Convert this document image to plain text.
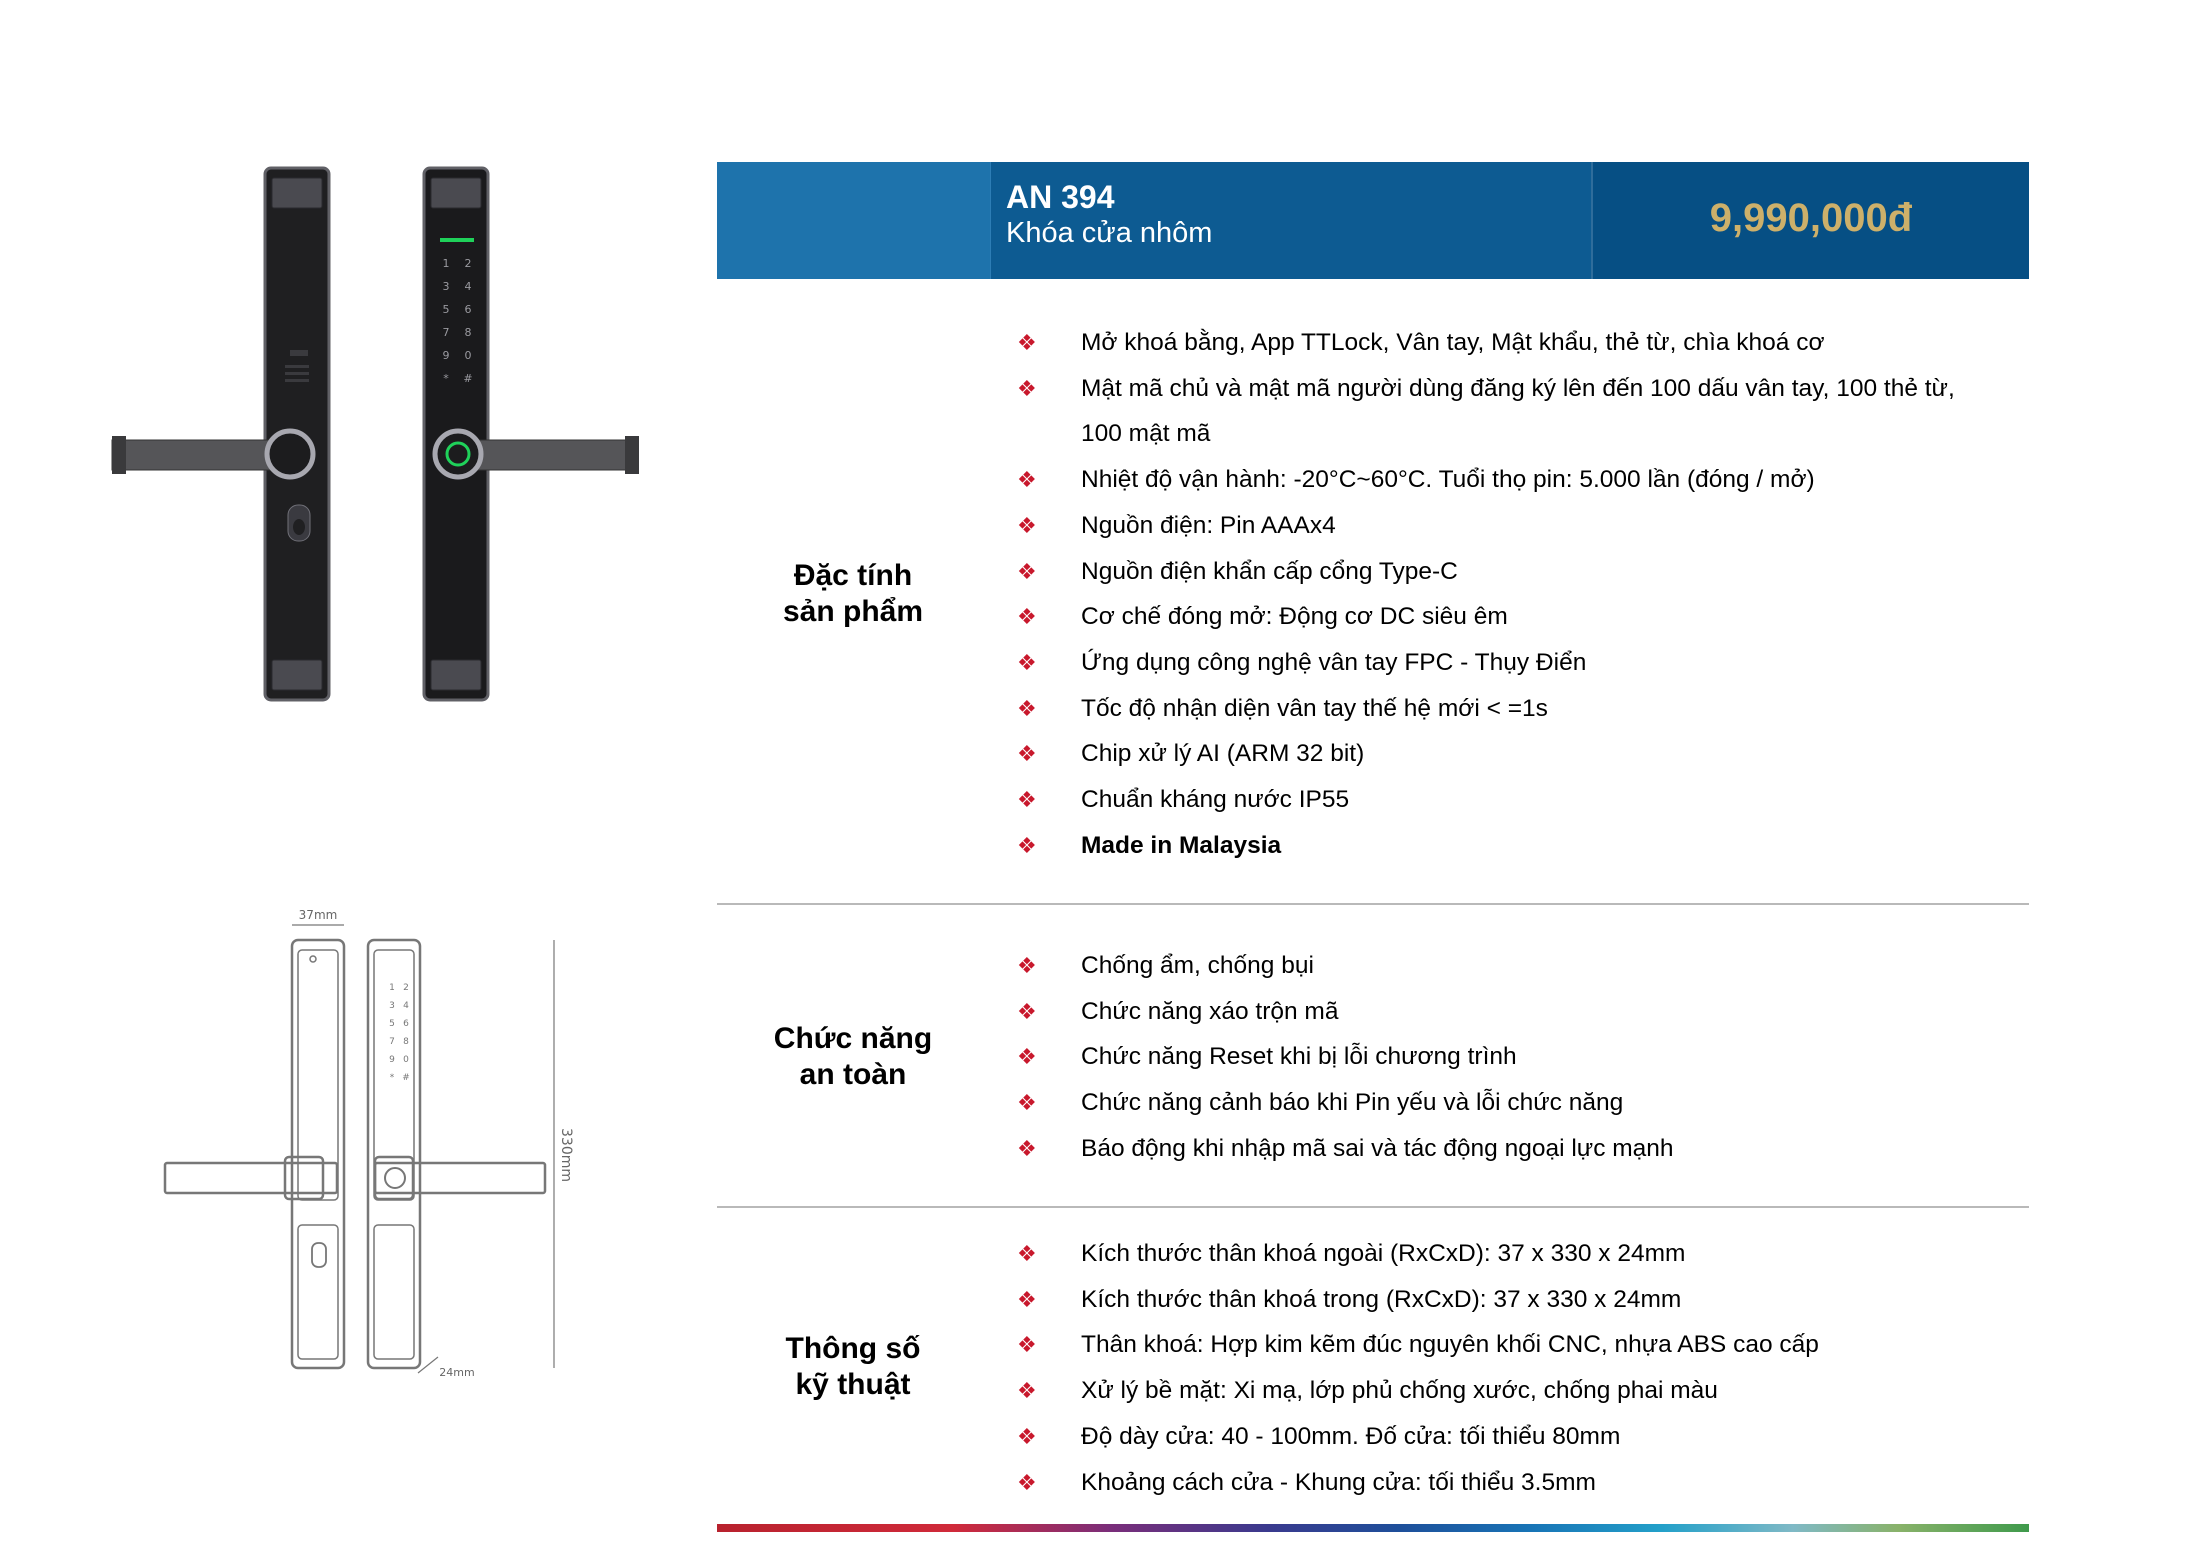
1 2
3 4
5 6
7 8
9 0
* #
1 2
3 4
5 6
7 8
9 0
* #
37mm
330mm
24mm
AN 394
Khóa cửa nhôm	9,990,000đ
Đặc tính
sản phẩm
❖ Mở khoá bằng, App TTLock, Vân tay, Mật khẩu, thẻ từ, chìa khoá cơ
❖ Mật mã chủ và mật mã người dùng đăng ký lên đến 100 dấu vân tay, 100 thẻ từ,
100 mật mã
❖ Nhiệt độ vận hành: -20°C~60°C. Tuổi thọ pin: 5.000 lần (đóng / mở)
❖ Nguồn điện: Pin AAAx4
❖ Nguồn điện khẩn cấp cổng Type-C
❖ Cơ chế đóng mở: Động cơ DC siêu êm
❖ Ứng dụng công nghệ vân tay FPC - Thụy Điển
❖ Tốc độ nhận diện vân tay thế hệ mới < =1s
❖ Chip xử lý AI (ARM 32 bit)
❖ Chuẩn kháng nước IP55
❖ Made in Malaysia
Chức năng
an toàn
❖ Chống ẩm, chống bụi
❖ Chức năng xáo trộn mã
❖ Chức năng Reset khi bị lỗi chương trình
❖ Chức năng cảnh báo khi Pin yếu và lỗi chức năng
❖ Báo động khi nhập mã sai và tác động ngoại lực mạnh
Thông số
kỹ thuật
❖ Kích thước thân khoá ngoài (RxCxD): 37 x 330 x 24mm
❖ Kích thước thân khoá trong (RxCxD): 37 x 330 x 24mm
❖ Thân khoá: Hợp kim kẽm đúc nguyên khối CNC, nhựa ABS cao cấp
❖ Xử lý bề mặt: Xi mạ, lớp phủ chống xước, chống phai màu
❖ Độ dày cửa: 40 - 100mm. Đố cửa: tối thiểu 80mm
❖ Khoảng cách cửa - Khung cửa: tối thiểu 3.5mm
